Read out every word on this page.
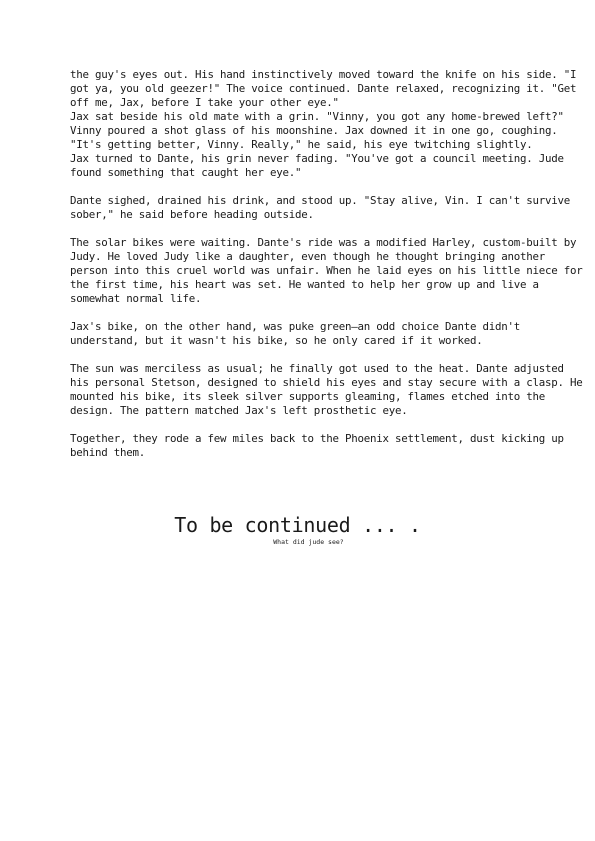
the guy's eyes out. His hand instinctively moved toward the knife on his side. "I
got ya, you old geezer!" The voice continued. Dante relaxed, recognizing it. "Get
off me, Jax, before I take your other eye."
Jax sat beside his old mate with a grin. "Vinny, you got any home-brewed left?"
Vinny poured a shot glass of his moonshine. Jax downed it in one go, coughing.
"It's getting better, Vinny. Really," he said, his eye twitching slightly.
Jax turned to Dante, his grin never fading. "You've got a council meeting. Jude
found something that caught her eye."

Dante sighed, drained his drink, and stood up. "Stay alive, Vin. I can't survive
sober," he said before heading outside.

The solar bikes were waiting. Dante's ride was a modified Harley, custom-built by
Judy. He loved Judy like a daughter, even though he thought bringing another
person into this cruel world was unfair. When he laid eyes on his little niece for
the first time, his heart was set. He wanted to help her grow up and live a
somewhat normal life.

Jax's bike, on the other hand, was puke green—an odd choice Dante didn't
understand, but it wasn't his bike, so he only cared if it worked.

The sun was merciless as usual; he finally got used to the heat. Dante adjusted
his personal Stetson, designed to shield his eyes and stay secure with a clasp. He
mounted his bike, its sleek silver supports gleaming, flames etched into the
design. The pattern matched Jax's left prosthetic eye.

Together, they rode a few miles back to the Phoenix settlement, dust kicking up
behind them.

To be continued ... .
What did jude see?
